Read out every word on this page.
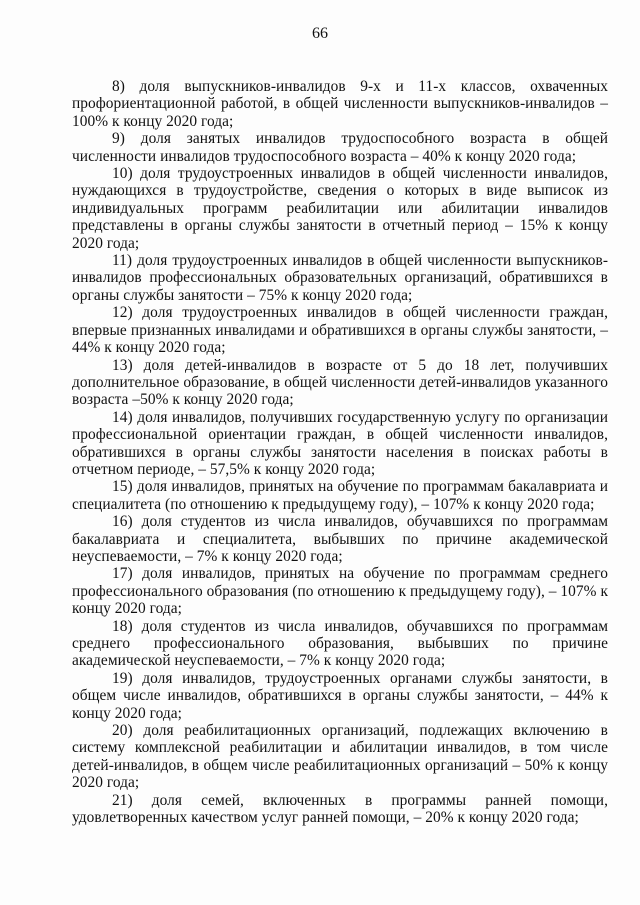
66

8) доля выпускников-инвалидов 9-х и 11-х классов, охваченных профориентационной работой, в общей численности выпускников-инвалидов – 100% к концу 2020 года;

9) доля занятых инвалидов трудоспособного возраста в общей численности инвалидов трудоспособного возраста – 40% к концу 2020 года;

10) доля трудоустроенных инвалидов в общей численности инвалидов, нуждающихся в трудоустройстве, сведения о которых в виде выписок из индивидуальных программ реабилитации или абилитации инвалидов представлены в органы службы занятости в отчетный период – 15% к концу 2020 года;

11) доля трудоустроенных инвалидов в общей численности выпускников-инвалидов профессиональных образовательных организаций, обратившихся в органы службы занятости – 75% к концу 2020 года;

12) доля трудоустроенных инвалидов в общей численности граждан, впервые признанных инвалидами и обратившихся в органы службы занятости, – 44% к концу 2020 года;

13) доля детей-инвалидов в возрасте от 5 до 18 лет, получивших дополнительное образование, в общей численности детей-инвалидов указанного возраста –50% к концу 2020 года;

14) доля инвалидов, получивших государственную услугу по организации профессиональной ориентации граждан, в общей численности инвалидов, обратившихся в органы службы занятости населения в поисках работы в отчетном периоде, – 57,5% к концу 2020 года;

15) доля инвалидов, принятых на обучение по программам бакалавриата и специалитета (по отношению к предыдущему году), – 107% к концу 2020 года;

16) доля студентов из числа инвалидов, обучавшихся по программам бакалавриата и специалитета, выбывших по причине академической неуспеваемости, – 7% к концу 2020 года;

17) доля инвалидов, принятых на обучение по программам среднего профессионального образования (по отношению к предыдущему году), – 107% к концу 2020 года;

18) доля студентов из числа инвалидов, обучавшихся по программам среднего профессионального образования, выбывших по причине академической неуспеваемости, – 7% к концу 2020 года;

19) доля инвалидов, трудоустроенных органами службы занятости, в общем числе инвалидов, обратившихся в органы службы занятости, – 44% к концу 2020 года;

20) доля реабилитационных организаций, подлежащих включению в систему комплексной реабилитации и абилитации инвалидов, в том числе детей-инвалидов, в общем числе реабилитационных организаций – 50% к концу 2020 года;

21) доля семей, включенных в программы ранней помощи, удовлетворенных качеством услуг ранней помощи, – 20% к концу 2020 года;
